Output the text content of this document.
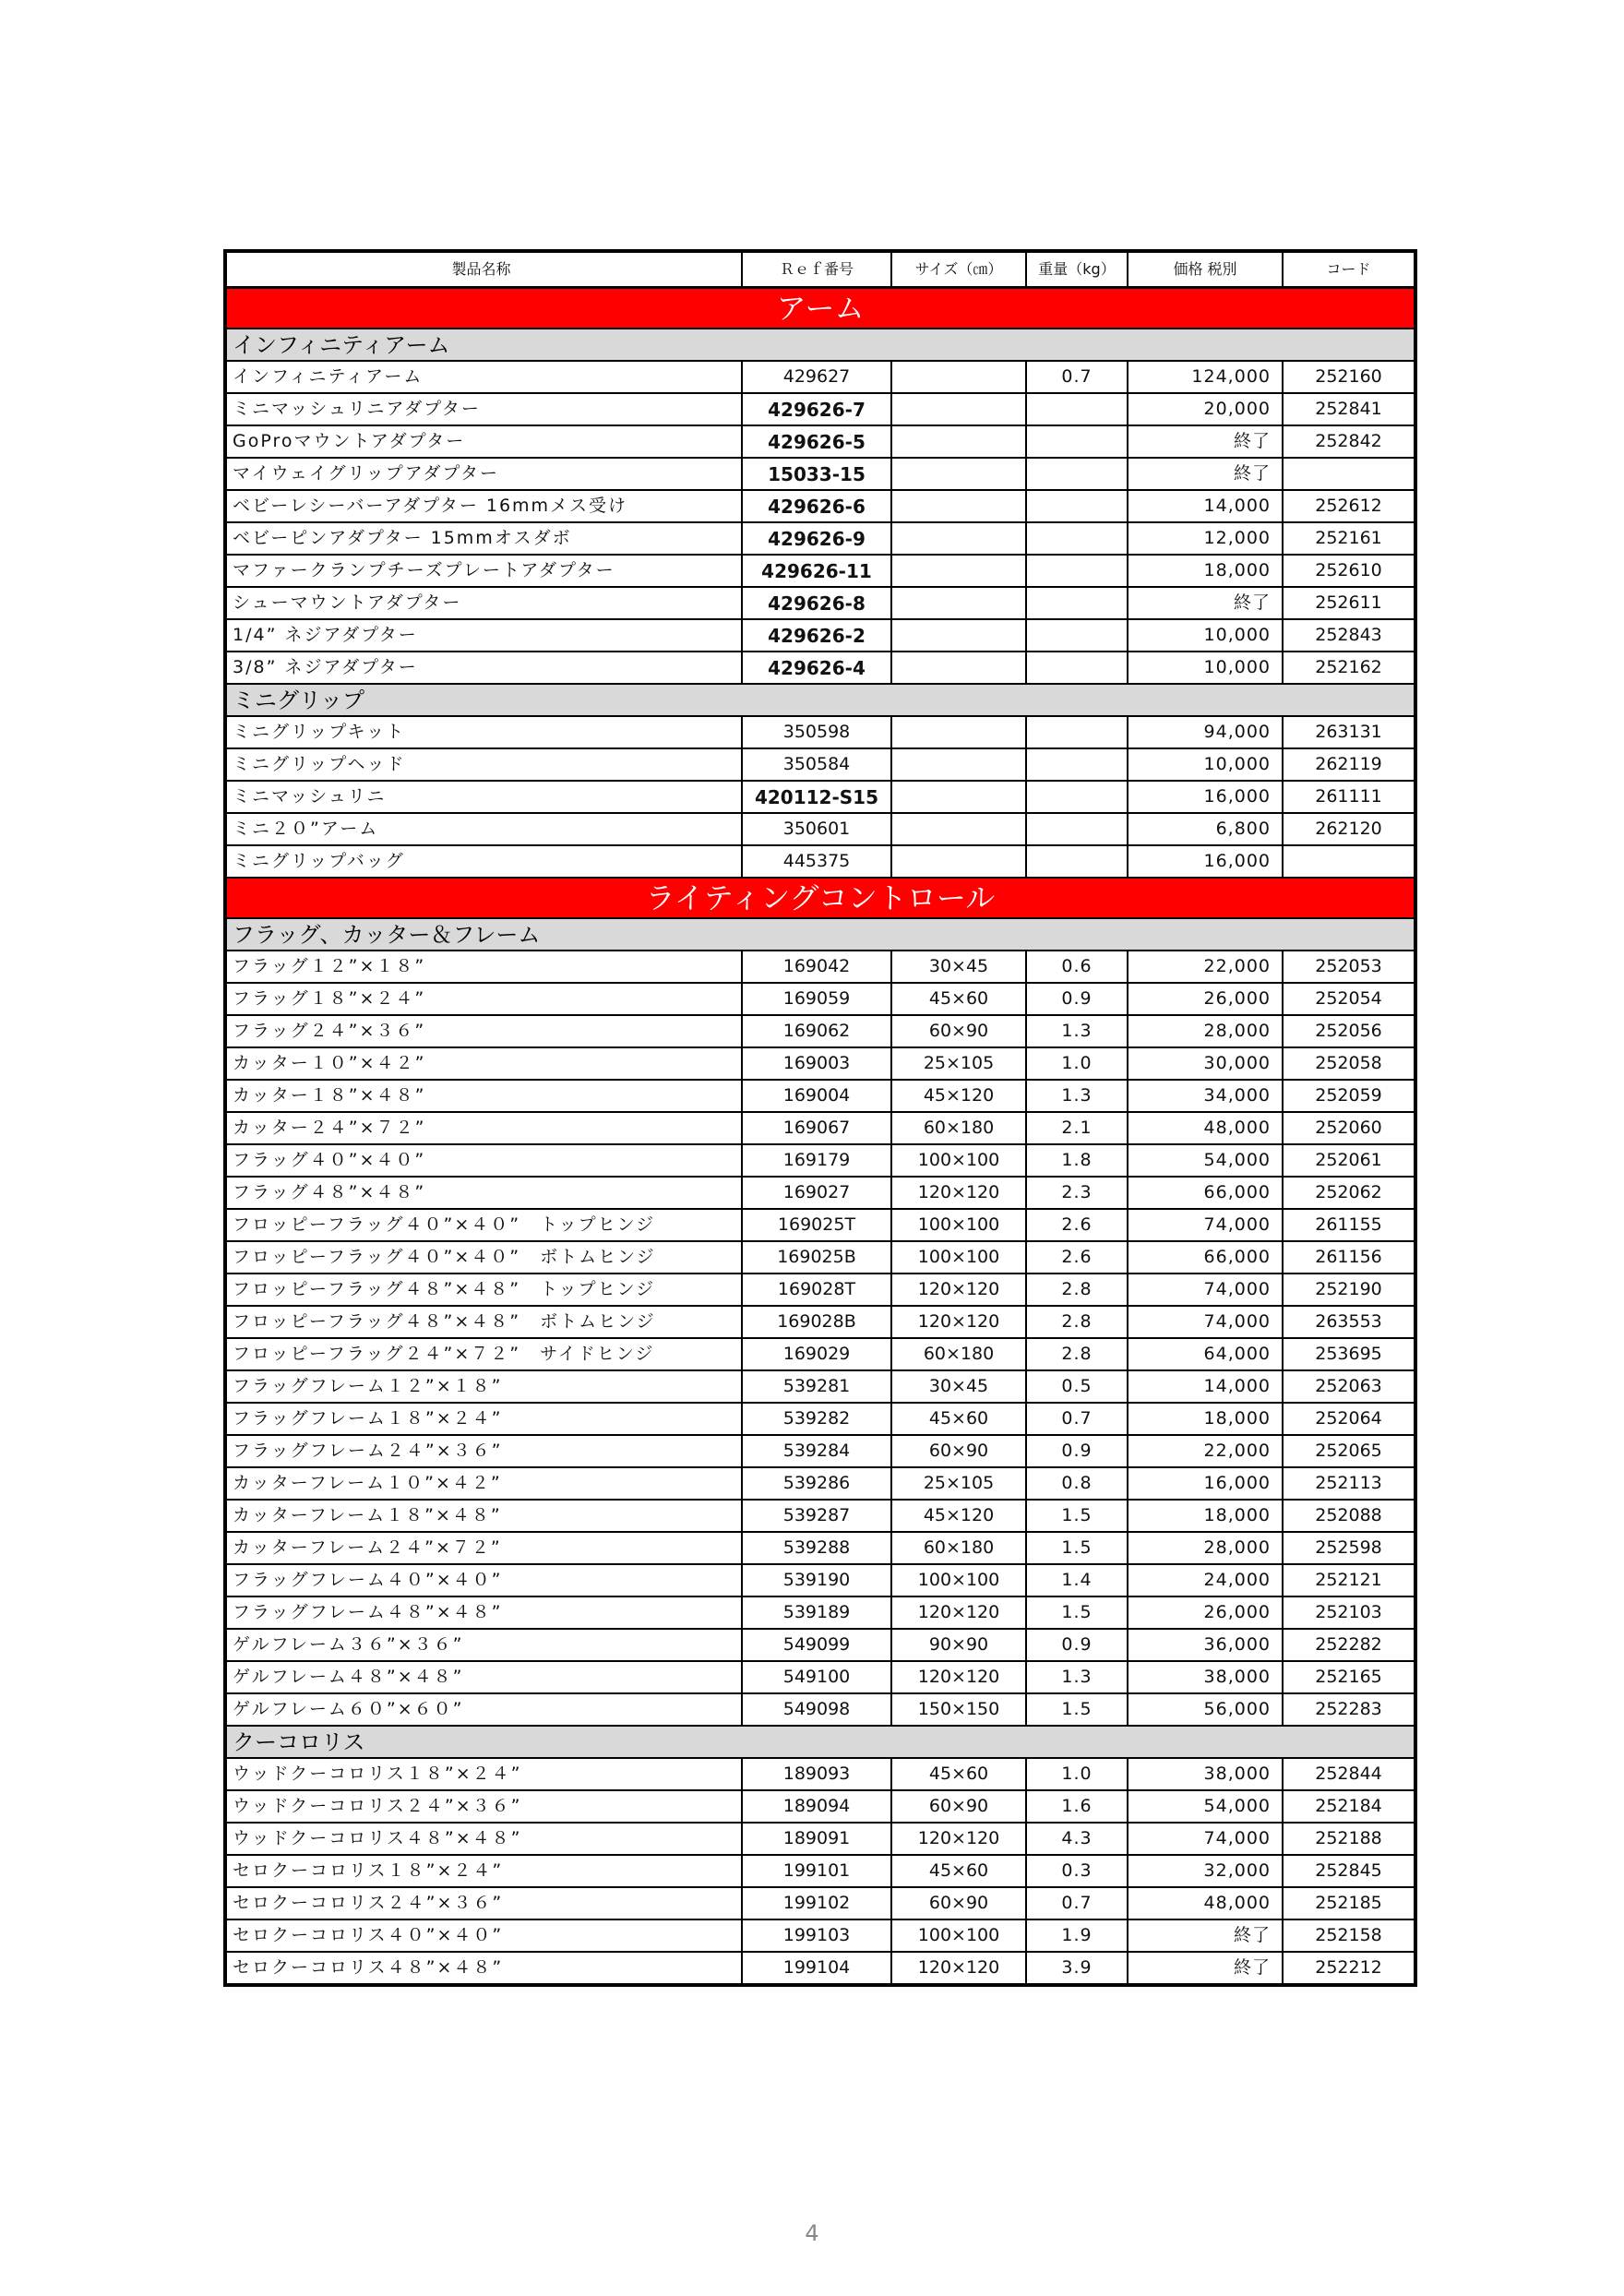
製品名称	Ｒｅｆ番号	サイズ（㎝）	重量（kg）	価格 税別	コード
アーム					
インフィニティアーム					
インフィニティアーム	429627		0.7	124,000	252160
ミニマッシュリニアダプター	429626-7			20,000	252841
GoProマウントアダプター	429626-5			終了	252842
マイウェイグリップアダプター	15033-15			終了	
ベビーレシーバーアダプター 16mmメス受け	429626-6			14,000	252612
ベビーピンアダプター 15mmオスダボ	429626-9			12,000	252161
マファークランプチーズプレートアダプター	429626-11			18,000	252610
シューマウントアダプター	429626-8			終了	252611
1/4” ネジアダプター	429626-2			10,000	252843
3/8” ネジアダプター	429626-4			10,000	252162
ミニグリップ					
ミニグリップキット	350598			94,000	263131
ミニグリップヘッド	350584			10,000	262119
ミニマッシュリニ	420112-S15			16,000	261111
ミニ２０”アーム	350601			6,800	262120
ミニグリップバッグ	445375			16,000	
ライティングコントロール					
フラッグ、カッター＆フレーム					
フラッグ１２”×１８”	169042	30×45	0.6	22,000	252053
フラッグ１８”×２４”	169059	45×60	0.9	26,000	252054
フラッグ２４”×３６”	169062	60×90	1.3	28,000	252056
カッター１０”×４２”	169003	25×105	1.0	30,000	252058
カッター１８”×４８”	169004	45×120	1.3	34,000	252059
カッター２４”×７２”	169067	60×180	2.1	48,000	252060
フラッグ４０”×４０”	169179	100×100	1.8	54,000	252061
フラッグ４８”×４８”	169027	120×120	2.3	66,000	252062
フロッピーフラッグ４０”×４０”　トップヒンジ	169025T	100×100	2.6	74,000	261155
フロッピーフラッグ４０”×４０”　ボトムヒンジ	169025B	100×100	2.6	66,000	261156
フロッピーフラッグ４８”×４８”　トップヒンジ	169028T	120×120	2.8	74,000	252190
フロッピーフラッグ４８”×４８”　ボトムヒンジ	169028B	120×120	2.8	74,000	263553
フロッピーフラッグ２４”×７２”　サイドヒンジ	169029	60×180	2.8	64,000	253695
フラッグフレーム１２”×１８”	539281	30×45	0.5	14,000	252063
フラッグフレーム１８”×２４”	539282	45×60	0.7	18,000	252064
フラッグフレーム２４”×３６”	539284	60×90	0.9	22,000	252065
カッターフレーム１０”×４２”	539286	25×105	0.8	16,000	252113
カッターフレーム１８”×４８”	539287	45×120	1.5	18,000	252088
カッターフレーム２４”×７２”	539288	60×180	1.5	28,000	252598
フラッグフレーム４０”×４０”	539190	100×100	1.4	24,000	252121
フラッグフレーム４８”×４８”	539189	120×120	1.5	26,000	252103
ゲルフレーム３６”×３６”	549099	90×90	0.9	36,000	252282
ゲルフレーム４８”×４８”	549100	120×120	1.3	38,000	252165
ゲルフレーム６０”×６０”	549098	150×150	1.5	56,000	252283
クーコロリス					
ウッドクーコロリス１８”×２４”	189093	45×60	1.0	38,000	252844
ウッドクーコロリス２４”×３６”	189094	60×90	1.6	54,000	252184
ウッドクーコロリス４８”×４８”	189091	120×120	4.3	74,000	252188
セロクーコロリス１８”×２４”	199101	45×60	0.3	32,000	252845
セロクーコロリス２４”×３６”	199102	60×90	0.7	48,000	252185
セロクーコロリス４０”×４０”	199103	100×100	1.9	終了	252158
セロクーコロリス４８”×４８”	199104	120×120	3.9	終了	252212
4
